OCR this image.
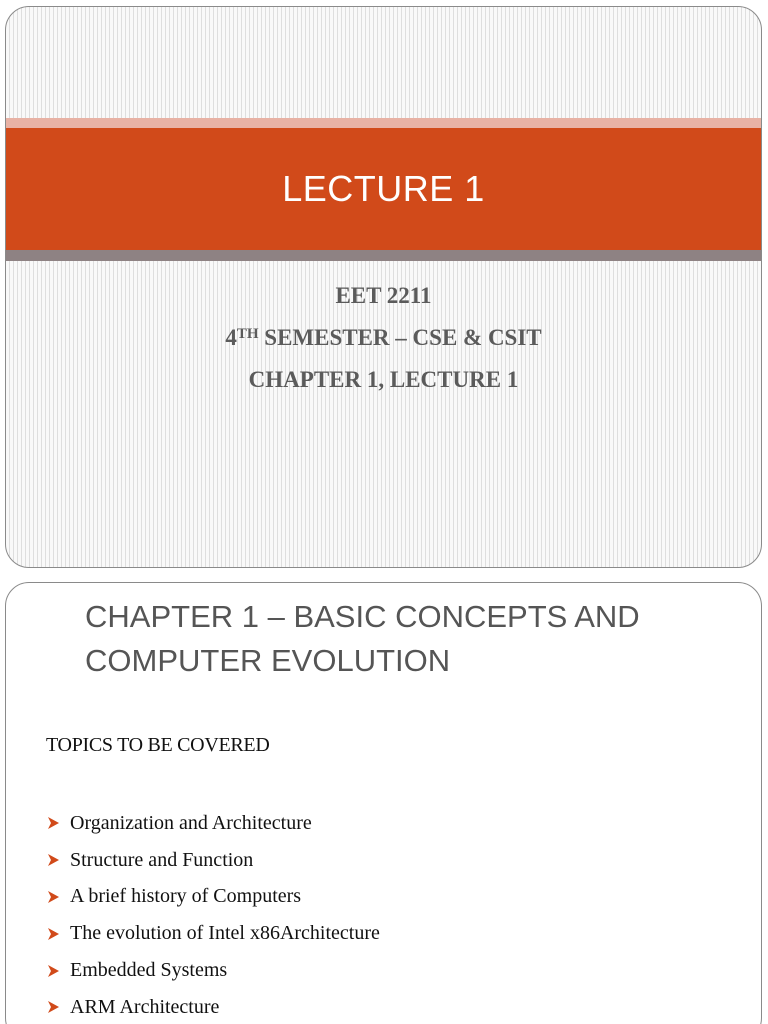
LECTURE 1
EET 2211
4TH SEMESTER – CSE & CSIT
CHAPTER 1, LECTURE 1
CHAPTER 1 – BASIC CONCEPTS AND
COMPUTER EVOLUTION
TOPICS TO BE COVERED
Organization and Architecture
Structure and Function
A brief history of Computers
The evolution of Intel x86Architecture
Embedded Systems
ARM Architecture
